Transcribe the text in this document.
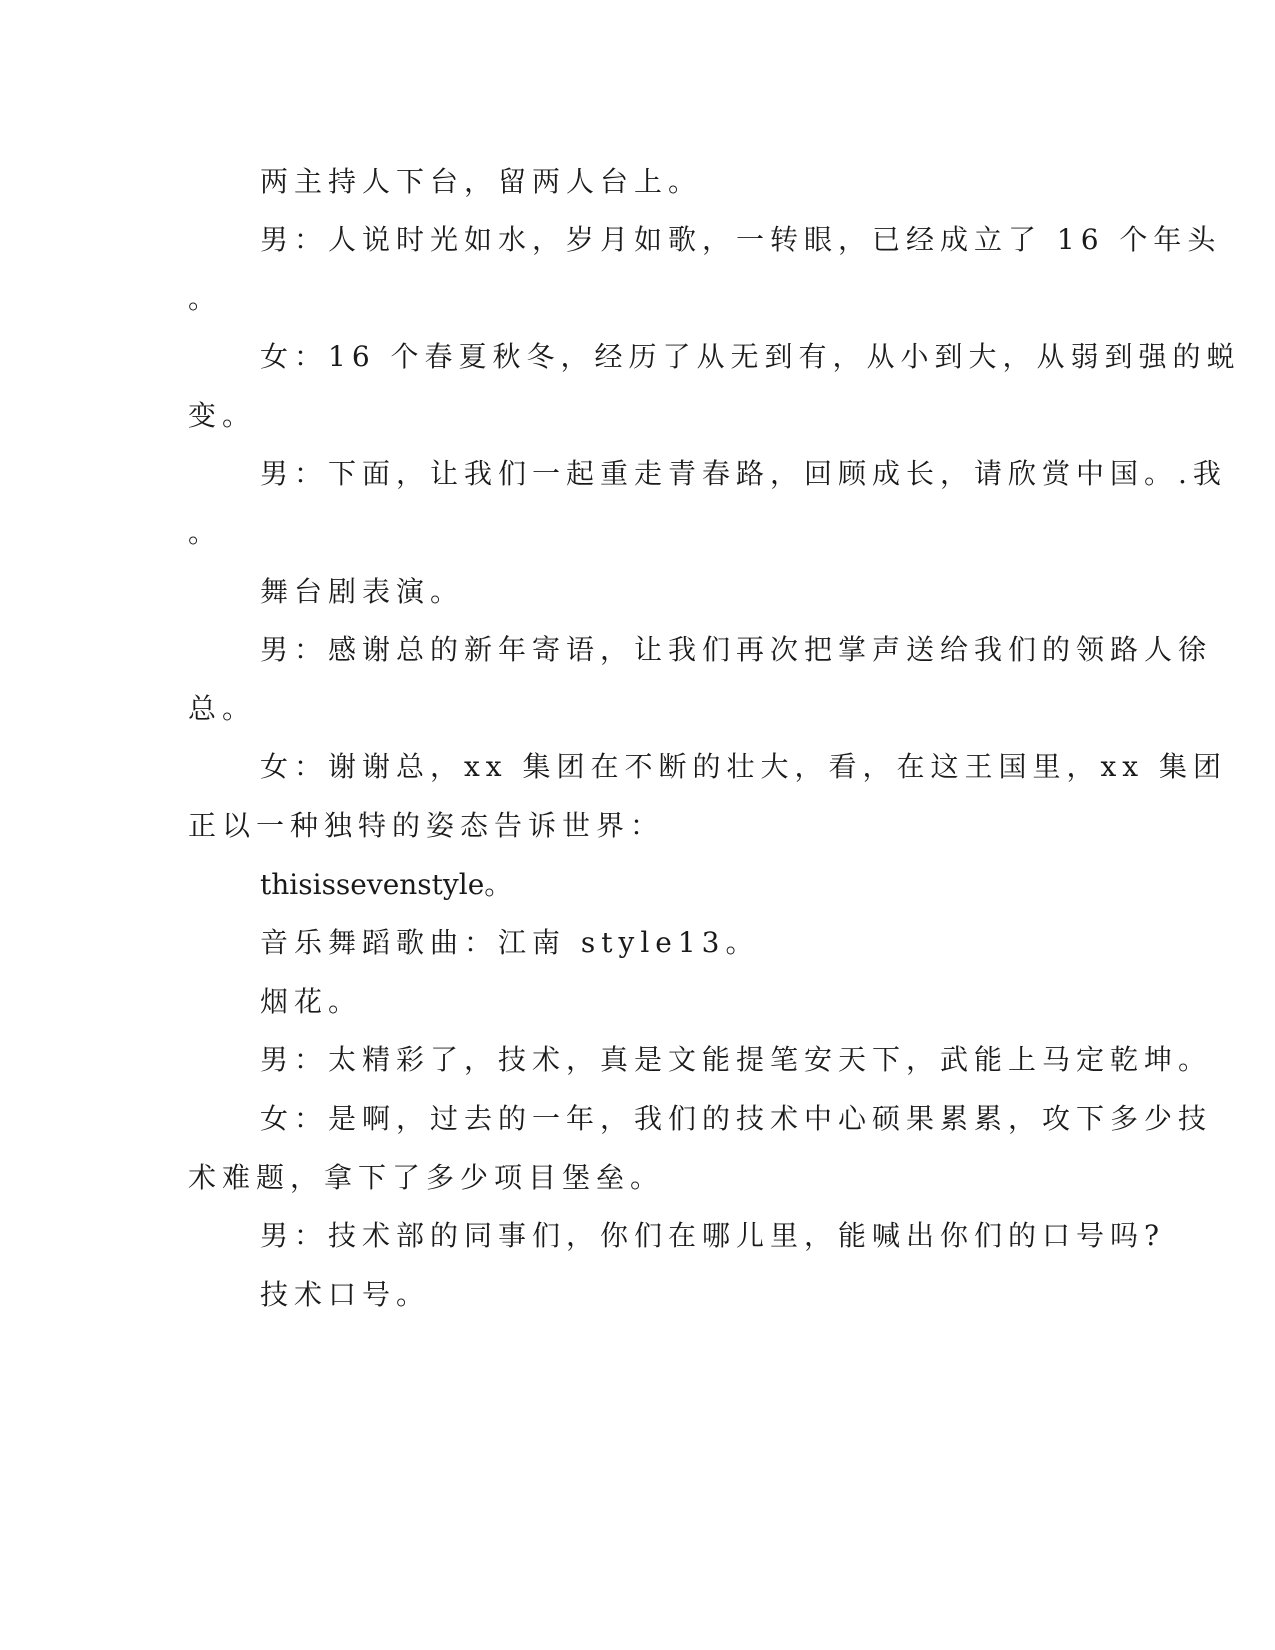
两主持人下台，留两人台上。
男：人说时光如水，岁月如歌，一转眼，已经成立了 16 个年头
。
女：16 个春夏秋冬，经历了从无到有，从小到大，从弱到强的蜕
变。
男：下面，让我们一起重走青春路，回顾成长，请欣赏中国。.我
。
舞台剧表演。
男：感谢总的新年寄语，让我们再次把掌声送给我们的领路人徐
总。
女：谢谢总，xx 集团在不断的壮大，看，在这王国里，xx 集团
正以一种独特的姿态告诉世界：
thisissevenstyle。
音乐舞蹈歌曲：江南 style13。
烟花。
男：太精彩了，技术，真是文能提笔安天下，武能上马定乾坤。
女：是啊，过去的一年，我们的技术中心硕果累累，攻下多少技
术难题，拿下了多少项目堡垒。
男：技术部的同事们，你们在哪儿里，能喊出你们的口号吗?
技术口号。
